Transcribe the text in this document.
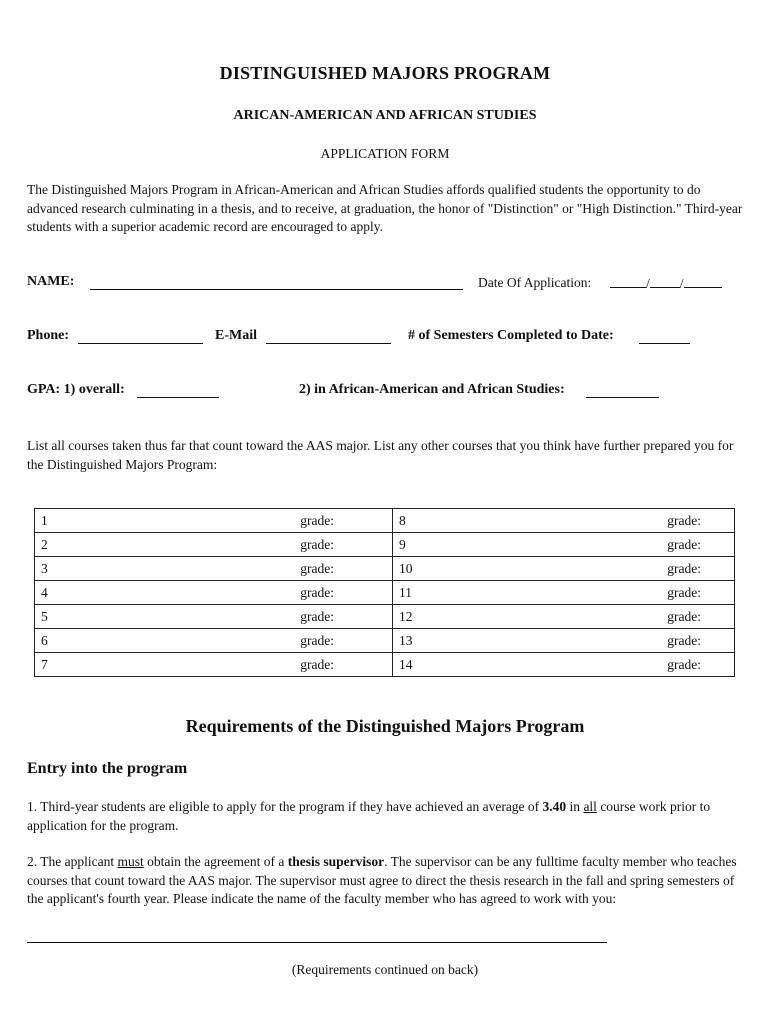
DISTINGUISHED MAJORS PROGRAM
ARICAN-AMERICAN AND AFRICAN STUDIES
APPLICATION FORM
The Distinguished Majors Program in African-American and African Studies affords qualified students the opportunity to do advanced research culminating in a thesis, and to receive, at graduation, the honor of "Distinction" or "High Distinction." Third-year students with a superior academic record are encouraged to apply.
NAME:	Date Of Application:	/ /
Phone:	E-Mail	# of Semesters Completed to Date:
GPA: 1) overall:	2) in African-American and African Studies:
List all courses taken thus far that count toward the AAS major. List any other courses that you think have further prepared you for the Distinguished Majors Program:
1 grade:	8 grade:

2 grade:	9 grade:

3 grade:	10 grade:

4 grade:	11 grade:

5 grade:	12 grade:

6 grade:	13 grade:

7 grade:	14 grade:
Requirements of the Distinguished Majors Program
Entry into the program
1. Third-year students are eligible to apply for the program if they have achieved an average of 3.40 in all course work prior to application for the program.
2. The applicant must obtain the agreement of a thesis supervisor. The supervisor can be any fulltime faculty member who teaches courses that count toward the AAS major. The supervisor must agree to direct the thesis research in the fall and spring semesters of the applicant's fourth year. Please indicate the name of the faculty member who has agreed to work with you:
(Requirements continued on back)
